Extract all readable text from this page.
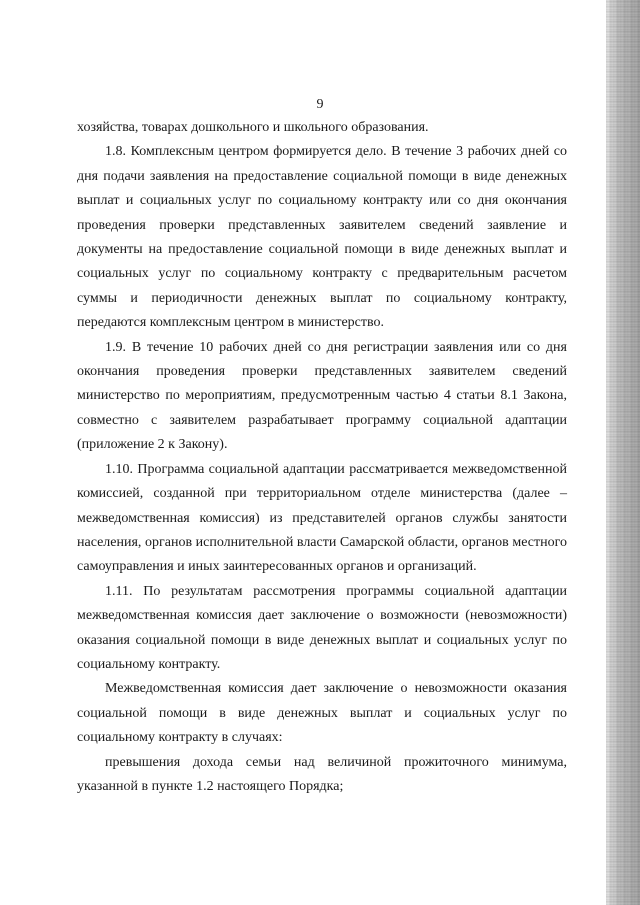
9

хозяйства, товарах дошкольного и школьного образования.

1.8. Комплексным центром формируется дело. В течение 3 рабочих дней со дня подачи заявления на предоставление социальной помощи в виде денежных выплат и социальных услуг по социальному контракту или со дня окончания проведения проверки представленных заявителем сведений заявление и документы на предоставление социальной помощи в виде денежных выплат и социальных услуг по социальному контракту с предварительным расчетом суммы и периодичности денежных выплат по социальному контракту, передаются комплексным центром в министерство.

1.9. В течение 10 рабочих дней со дня регистрации заявления или со дня окончания проведения проверки представленных заявителем сведений министерство по мероприятиям, предусмотренным частью 4 статьи 8.1 Закона, совместно с заявителем разрабатывает программу социальной адаптации (приложение 2 к Закону).

1.10. Программа социальной адаптации рассматривается межведомственной комиссией, созданной при территориальном отделе министерства (далее – межведомственная комиссия) из представителей органов службы занятости населения, органов исполнительной власти Самарской области, органов местного самоуправления и иных заинтересованных органов и организаций.

1.11. По результатам рассмотрения программы социальной адаптации межведомственная комиссия дает заключение о возможности (невозможности) оказания социальной помощи в виде денежных выплат и социальных услуг по социальному контракту.

Межведомственная комиссия дает заключение о невозможности оказания социальной помощи в виде денежных выплат и социальных услуг по социальному контракту в случаях:

превышения дохода семьи над величиной прожиточного минимума, указанной в пункте 1.2 настоящего Порядка;
